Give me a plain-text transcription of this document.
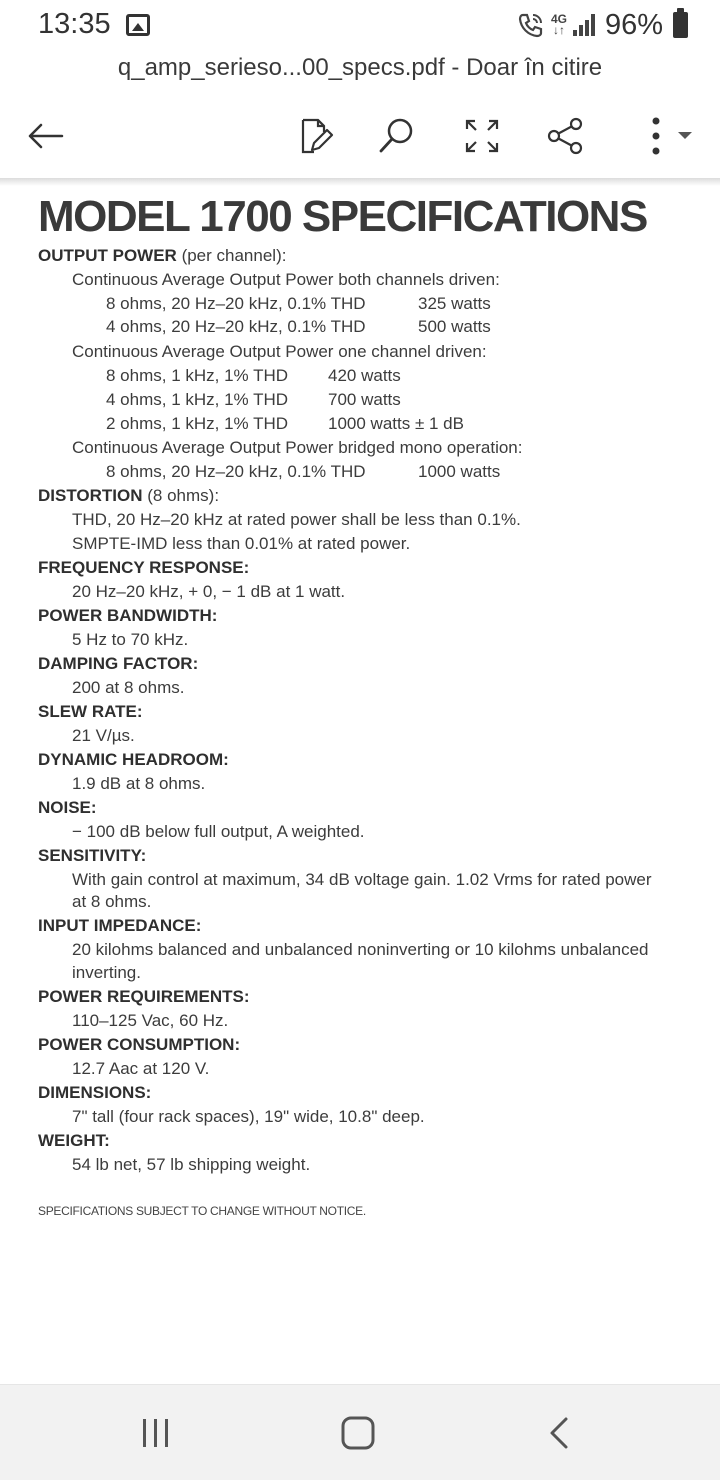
13:35	4G
↓↑ 96%
q_amp_serieso...00_specs.pdf - Doar în citire
MODEL 1700 SPECIFICATIONS
OUTPUT POWER (per channel):
Continuous Average Output Power both channels driven:
8 ohms, 20 Hz–20 kHz, 0.1% THD	325 watts
4 ohms, 20 Hz–20 kHz, 0.1% THD	500 watts
Continuous Average Output Power one channel driven:
8 ohms, 1 kHz, 1% THD 420 watts
4 ohms, 1 kHz, 1% THD 700 watts
2 ohms, 1 kHz, 1% THD 1000 watts ± 1 dB
Continuous Average Output Power bridged mono operation:
8 ohms, 20 Hz–20 kHz, 0.1% THD	1000 watts
DISTORTION (8 ohms):
THD, 20 Hz–20 kHz at rated power shall be less than 0.1%.
SMPTE-IMD less than 0.01% at rated power.
FREQUENCY RESPONSE:
20 Hz–20 kHz, + 0, − 1 dB at 1 watt.
POWER BANDWIDTH:
5 Hz to 70 kHz.
DAMPING FACTOR:
200 at 8 ohms.
SLEW RATE:
21 V/µs.
DYNAMIC HEADROOM:
1.9 dB at 8 ohms.
NOISE:
− 100 dB below full output, A weighted.
SENSITIVITY:
With gain control at maximum, 34 dB voltage gain. 1.02 Vrms for rated power
at 8 ohms.
INPUT IMPEDANCE:
20 kilohms balanced and unbalanced noninverting or 10 kilohms unbalanced
inverting.
POWER REQUIREMENTS:
110–125 Vac, 60 Hz.
POWER CONSUMPTION:
12.7 Aac at 120 V.
DIMENSIONS:
7" tall (four rack spaces), 19" wide, 10.8" deep.
WEIGHT:
54 lb net, 57 lb shipping weight.
SPECIFICATIONS SUBJECT TO CHANGE WITHOUT NOTICE.
